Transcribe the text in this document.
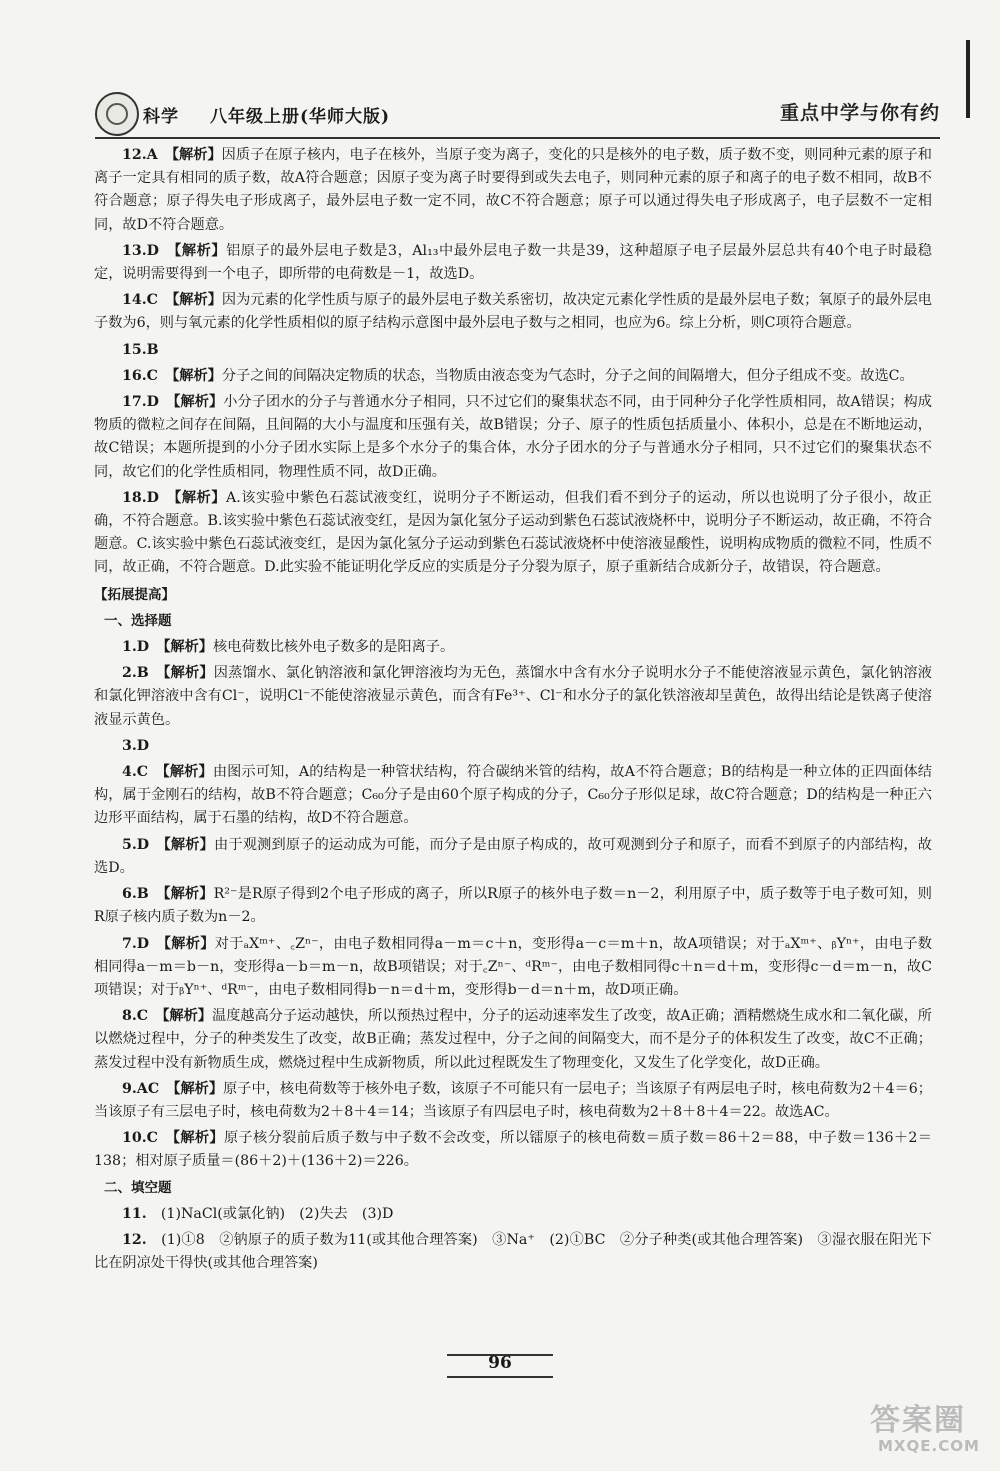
科学 八年级上册(华师大版)	重点中学与你有约

12.A　 【解析】因质子在原子核内，电子在核外，当原子变为离子，变化的只是核外的电子数，质子数不变，则同种元素的原子和离子一定具有相同的质子数，故A符合题意；因原子变为离子时要得到或失去电子，则同种元素的原子和离子的电子数不相同，故B不符合题意；原子得失电子形成离子，最外层电子数一定不同，故C不符合题意；原子可以通过得失电子形成离子，电子层数不一定相同，故D不符合题意。

13.D　 【解析】铝原子的最外层电子数是3，Al₁₃中最外层电子数一共是39，这种超原子电子层最外层总共有40个电子时最稳定，说明需要得到一个电子，即所带的电荷数是－1，故选D。

14.C　 【解析】因为元素的化学性质与原子的最外层电子数关系密切，故决定元素化学性质的是最外层电子数；氧原子的最外层电子数为6，则与氧元素的化学性质相似的原子结构示意图中最外层电子数与之相同，也应为6。综上分析，则C项符合题意。

15.B　

16.C　 【解析】分子之间的间隔决定物质的状态，当物质由液态变为气态时，分子之间的间隔增大，但分子组成不变。故选C。

17.D　 【解析】小分子团水的分子与普通水分子相同，只不过它们的聚集状态不同，由于同种分子化学性质相同，故A错误；构成物质的微粒之间存在间隔，且间隔的大小与温度和压强有关，故B错误；分子、原子的性质包括质量小、体积小，总是在不断地运动，故C错误；本题所提到的小分子团水实际上是多个水分子的集合体，水分子团水的分子与普通水分子相同，只不过它们的聚集状态不同，故它们的化学性质相同，物理性质不同，故D正确。

18.D　 【解析】A.该实验中紫色石蕊试液变红，说明分子不断运动，但我们看不到分子的运动，所以也说明了分子很小，故正确，不符合题意。B.该实验中紫色石蕊试液变红，是因为氯化氢分子运动到紫色石蕊试液烧杯中，说明分子不断运动，故正确，不符合题意。C.该实验中紫色石蕊试液变红，是因为氯化氢分子运动到紫色石蕊试液烧杯中使溶液显酸性，说明构成物质的微粒不同，性质不同，故正确，不符合题意。D.此实验不能证明化学反应的实质是分子分裂为原子，原子重新结合成新分子，故错误，符合题意。

【拓展提高】

一、选择题

1.D　 【解析】核电荷数比核外电子数多的是阳离子。

2.B　 【解析】因蒸馏水、氯化钠溶液和氯化钾溶液均为无色，蒸馏水中含有水分子说明水分子不能使溶液显示黄色，氯化钠溶液和氯化钾溶液中含有Cl⁻，说明Cl⁻不能使溶液显示黄色，而含有Fe³⁺、Cl⁻和水分子的氯化铁溶液却呈黄色，故得出结论是铁离子使溶液显示黄色。

3.D　

4.C　 【解析】由图示可知，A的结构是一种管状结构，符合碳纳米管的结构，故A不符合题意；B的结构是一种立体的正四面体结构，属于金刚石的结构，故B不符合题意；C₆₀分子是由60个原子构成的分子，C₆₀分子形似足球，故C符合题意；D的结构是一种正六边形平面结构，属于石墨的结构，故D不符合题意。

5.D　 【解析】由于观测到原子的运动成为可能，而分子是由原子构成的，故可观测到分子和原子，而看不到原子的内部结构，故选D。

6.B　 【解析】R²⁻是R原子得到2个电子形成的离子，所以R原子的核外电子数＝n－2，利用原子中，质子数等于电子数可知，则R原子核内质子数为n－2。

7.D　 【解析】对于ₐXᵐ⁺、꜀Zⁿ⁻，由电子数相同得a－m＝c＋n，变形得a－c＝m＋n，故A项错误；对于ₐXᵐ⁺、ᵦYⁿ⁺，由电子数相同得a－m＝b－n，变形得a－b＝m－n，故B项错误；对于꜀Zⁿ⁻、ᵈRᵐ⁻，由电子数相同得c＋n＝d＋m，变形得c－d＝m－n，故C项错误；对于ᵦYⁿ⁺、ᵈRᵐ⁻，由电子数相同得b－n＝d＋m，变形得b－d＝n＋m，故D项正确。

8.C　 【解析】温度越高分子运动越快，所以预热过程中，分子的运动速率发生了改变，故A正确；酒精燃烧生成水和二氧化碳，所以燃烧过程中，分子的种类发生了改变，故B正确；蒸发过程中，分子之间的间隔变大，而不是分子的体积发生了改变，故C不正确；蒸发过程中没有新物质生成，燃烧过程中生成新物质，所以此过程既发生了物理变化，又发生了化学变化，故D正确。

9.AC　 【解析】原子中，核电荷数等于核外电子数，该原子不可能只有一层电子；当该原子有两层电子时，核电荷数为2＋4＝6；当该原子有三层电子时，核电荷数为2＋8＋4＝14；当该原子有四层电子时，核电荷数为2＋8＋8＋4＝22。故选AC。

10.C　 【解析】原子核分裂前后质子数与中子数不会改变，所以镭原子的核电荷数＝质子数＝86＋2＝88，中子数＝136＋2＝138；相对原子质量＝(86＋2)＋(136＋2)＝226。

二、填空题

11.　 (1)NaCl(或氯化钠)　(2)失去　(3)D

12.　 (1)①8　②钠原子的质子数为11(或其他合理答案)　③Na⁺　(2)①BC　②分子种类(或其他合理答案)　③湿衣服在阳光下比在阴凉处干得快(或其他合理答案)

96
答案圈
MXQE.COM
